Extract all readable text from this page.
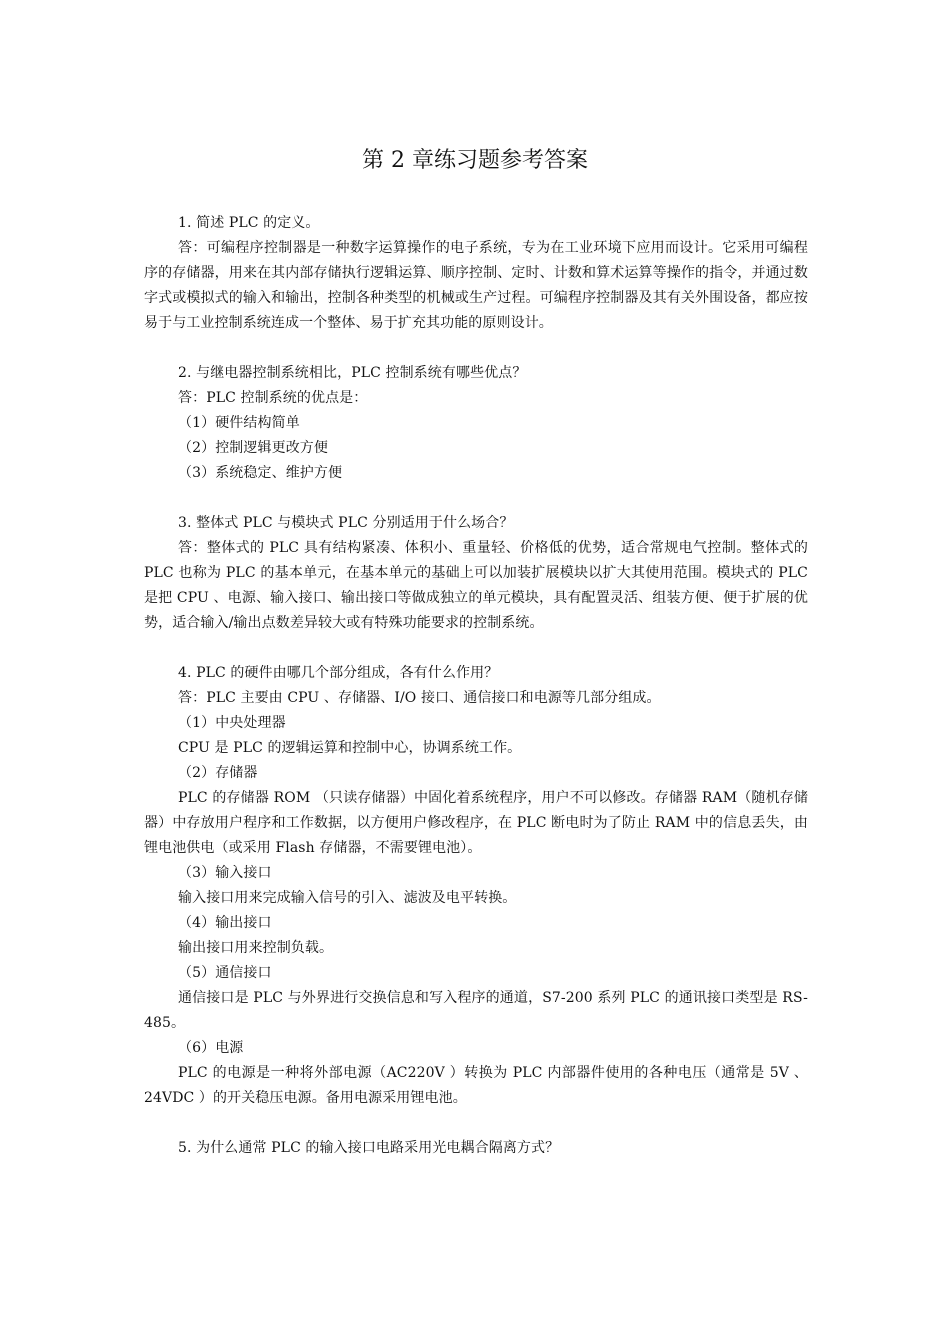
第 2 章练习题参考答案

1. 简述 PLC 的定义。

答：可编程序控制器是一种数字运算操作的电子系统，专为在工业环境下应用而设计。它采用可编程序的存储器，用来在其内部存储执行逻辑运算、顺序控制、定时、计数和算术运算等操作的指令，并通过数字式或模拟式的输入和输出，控制各种类型的机械或生产过程。可编程序控制器及其有关外围设备，都应按易于与工业控制系统连成一个整体、易于扩充其功能的原则设计。

2. 与继电器控制系统相比，PLC 控制系统有哪些优点？

答：PLC 控制系统的优点是：

（1）硬件结构简单

（2）控制逻辑更改方便

（3）系统稳定、维护方便

3. 整体式 PLC 与模块式 PLC 分别适用于什么场合？

答：整体式的 PLC 具有结构紧凑、体积小、重量轻、价格低的优势，适合常规电气控制。整体式的 PLC 也称为 PLC 的基本单元，在基本单元的基础上可以加装扩展模块以扩大其使用范围。模块式的 PLC 是把 CPU 、电源、输入接口、输出接口等做成独立的单元模块，具有配置灵活、组装方便、便于扩展的优势，适合输入/输出点数差异较大或有特殊功能要求的控制系统。

4. PLC 的硬件由哪几个部分组成，各有什么作用？

答：PLC 主要由 CPU 、存储器、I/O 接口、通信接口和电源等几部分组成。

（1）中央处理器

CPU 是 PLC 的逻辑运算和控制中心，协调系统工作。

（2）存储器

PLC 的存储器 ROM （只读存储器）中固化着系统程序，用户不可以修改。存储器 RAM（随机存储器）中存放用户程序和工作数据，以方便用户修改程序，在 PLC 断电时为了防止 RAM 中的信息丢失，由锂电池供电（或采用 Flash 存储器，不需要锂电池）。

（3）输入接口

输入接口用来完成输入信号的引入、滤波及电平转换。

（4）输出接口

输出接口用来控制负载。

（5）通信接口

通信接口是 PLC 与外界进行交换信息和写入程序的通道，S7-200 系列 PLC 的通讯接口类型是 RS-485。

（6）电源

PLC 的电源是一种将外部电源（AC220V ）转换为 PLC 内部器件使用的各种电压（通常是 5V 、24VDC ）的开关稳压电源。备用电源采用锂电池。

5. 为什么通常 PLC 的输入接口电路采用光电耦合隔离方式？
